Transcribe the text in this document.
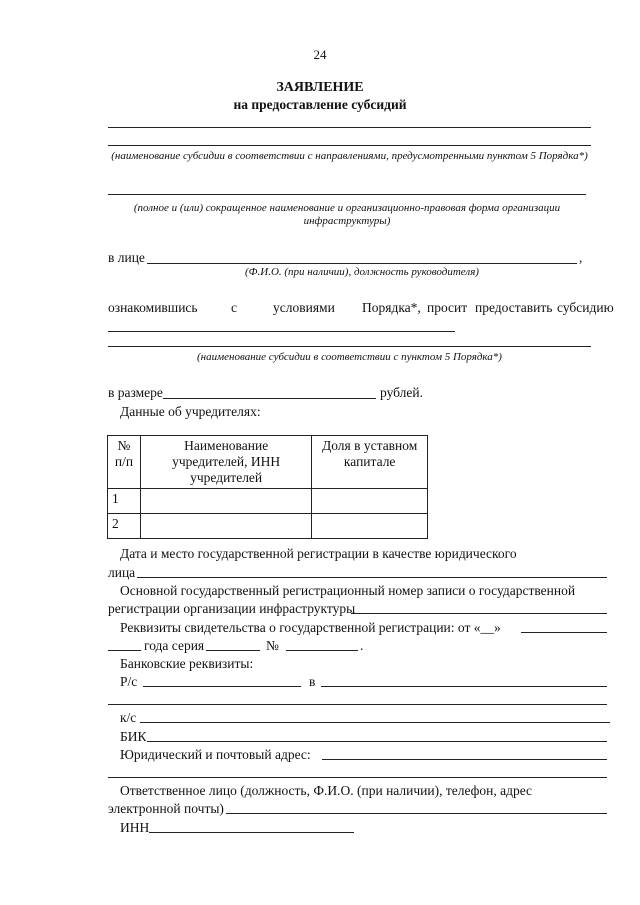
24
ЗАЯВЛЕНИЕ
на предоставление субсидий
(наименование субсидии в соответствии с направлениями, предусмотренными пунктом 5 Порядка*)
(полное и (или) сокращенное наименование и организационно-правовая форма организации
инфраструктуры)
в лице	,
(Ф.И.О. (при наличии), должность руководителя)
ознакомившись с	условиями Порядка*, просит предоставить субсидию
(наименование субсидии в соответствии с пунктом 5 Порядка*)
в размере	рублей.
Данные об учредителях:
№ п/п	Наименование учредителей, ИНН учредителей	Доля в уставном капитале
1		
2		
Дата и место государственной регистрации в качестве юридического
лица
Основной государственный регистрационный номер записи о государственной
регистрации организации инфраструктуры
Реквизиты свидетельства о государственной регистрации: от «__»
года серия	№	.
Банковские реквизиты:
Р/с	в
к/с
БИК
Юридический и почтовый адрес:
Ответственное лицо (должность, Ф.И.О. (при наличии), телефон, адрес
электронной почты)
ИНН
